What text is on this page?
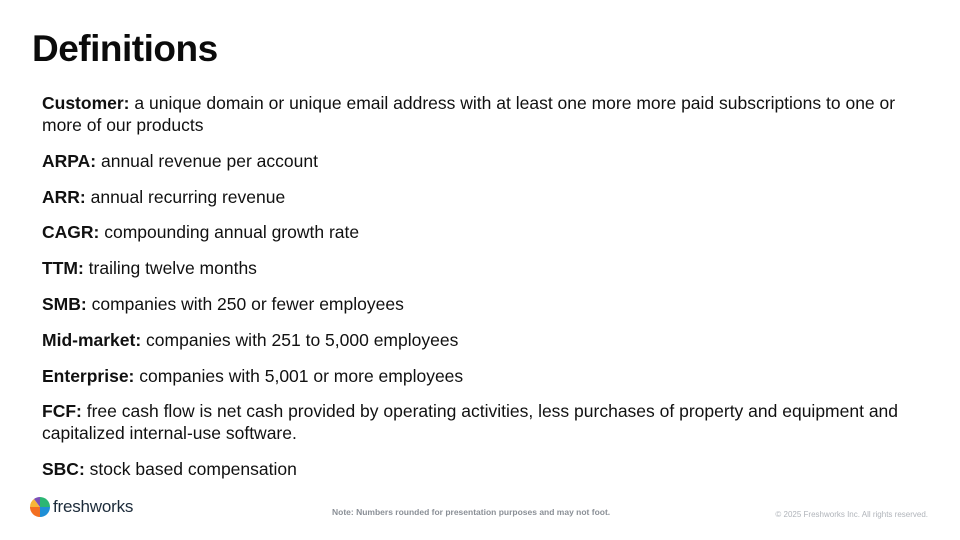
Definitions
Customer: a unique domain or unique email address with at least one more more paid subscriptions to one or more of our products
ARPA: annual revenue per account
ARR: annual recurring revenue
CAGR: compounding annual growth rate
TTM: trailing twelve months
SMB: companies with 250 or fewer employees
Mid-market: companies with 251 to 5,000 employees
Enterprise: companies with 5,001 or more employees
FCF: free cash flow is net cash provided by operating activities, less purchases of property and equipment and capitalized internal-use software.
SBC: stock based compensation
freshworks	Note: Numbers rounded for presentation purposes and may not foot.	© 2025 Freshworks Inc. All rights reserved.
